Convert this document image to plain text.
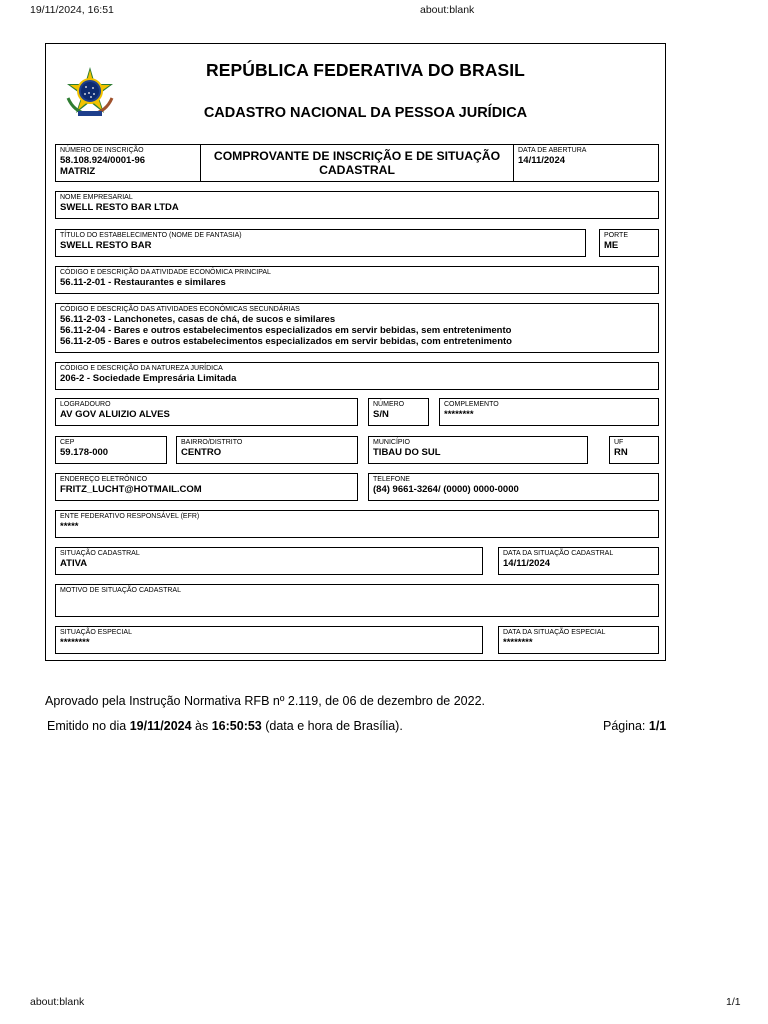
19/11/2024, 16:51	about:blank
REPÚBLICA FEDERATIVA DO BRASIL
CADASTRO NACIONAL DA PESSOA JURÍDICA
NÚMERO DE INSCRIÇÃO
58.108.924/0001-96
MATRIZ
COMPROVANTE DE INSCRIÇÃO E DE SITUAÇÃO CADASTRAL
DATA DE ABERTURA
14/11/2024
NOME EMPRESARIAL
SWELL RESTO BAR LTDA
TÍTULO DO ESTABELECIMENTO (NOME DE FANTASIA)
SWELL RESTO BAR
PORTE
ME
CÓDIGO E DESCRIÇÃO DA ATIVIDADE ECONÔMICA PRINCIPAL
56.11-2-01 - Restaurantes e similares
CÓDIGO E DESCRIÇÃO DAS ATIVIDADES ECONÔMICAS SECUNDÁRIAS
56.11-2-03 - Lanchonetes, casas de chá, de sucos e similares
56.11-2-04 - Bares e outros estabelecimentos especializados em servir bebidas, sem entretenimento
56.11-2-05 - Bares e outros estabelecimentos especializados em servir bebidas, com entretenimento
CÓDIGO E DESCRIÇÃO DA NATUREZA JURÍDICA
206-2 - Sociedade Empresária Limitada
LOGRADOURO
AV GOV ALUIZIO ALVES
NÚMERO
S/N
COMPLEMENTO
********
CEP
59.178-000
BAIRRO/DISTRITO
CENTRO
MUNICÍPIO
TIBAU DO SUL
UF
RN
ENDEREÇO ELETRÔNICO
FRITZ_LUCHT@HOTMAIL.COM
TELEFONE
(84) 9661-3264/ (0000) 0000-0000
ENTE FEDERATIVO RESPONSÁVEL (EFR)
*****
SITUAÇÃO CADASTRAL
ATIVA
DATA DA SITUAÇÃO CADASTRAL
14/11/2024
MOTIVO DE SITUAÇÃO CADASTRAL
SITUAÇÃO ESPECIAL
********
DATA DA SITUAÇÃO ESPECIAL
********
Aprovado pela Instrução Normativa RFB nº 2.119, de 06 de dezembro de 2022.
Emitido no dia 19/11/2024 às 16:50:53 (data e hora de Brasília).	Página: 1/1
about:blank	1/1
